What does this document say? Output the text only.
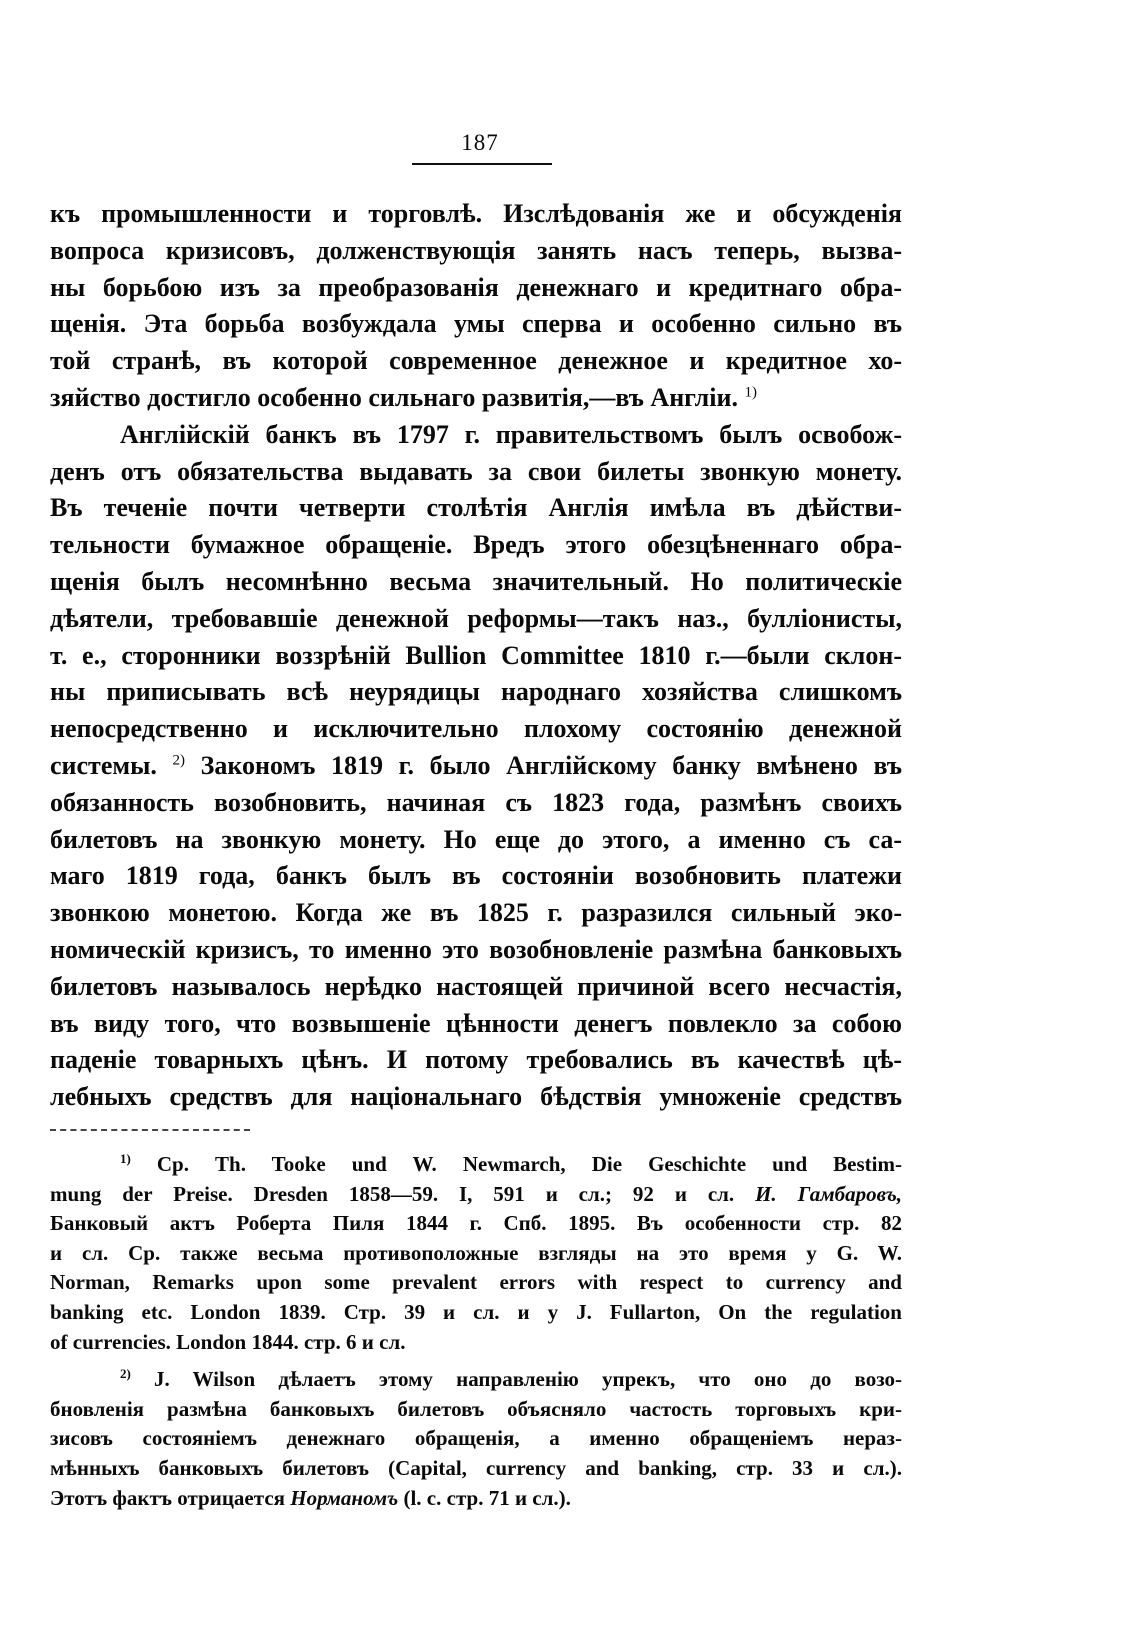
187
къ промышленности и торговлѣ. Изслѣдованія же и обсужденія
вопроса кризисовъ, долженствующія занять насъ теперь, вызва-
ны борьбою изъ за преобразованія денежнаго и кредитнаго обра-
щенія. Эта борьба возбуждала умы сперва и особенно сильно въ
той странѣ, въ которой современное денежное и кредитное хо-
зяйство достигло особенно сильнаго развитія,—въ Англіи. $^{1)}$
Англійскій банкъ въ 1797 г. правительствомъ былъ освобож-
денъ отъ обязательства выдавать за свои билеты звонкую монету.
Въ теченіе почти четверти столѣтія Англія имѣла въ дѣйстви-
тельности бумажное обращеніе. Вредъ этого обезцѣненнаго обра-
щенія былъ несомнѣнно весьма значительный. Но политическіе
дѣятели, требовавшіе денежной реформы—такъ наз., булліонисты,
т. е., сторонники воззрѣній Bullion Committee 1810 г.—были склон-
ны приписывать всѣ неурядицы народнаго хозяйства слишкомъ
непосредственно и исключительно плохому состоянію денежной
системы. $^{2)}$ Закономъ 1819 г. было Англійскому банку вмѣнено въ
обязанность возобновить, начиная съ 1823 года, размѣнъ своихъ
билетовъ на звонкую монету. Но еще до этого, а именно съ са-
маго 1819 года, банкъ былъ въ состояніи возобновить платежи
звонкою монетою. Когда же въ 1825 г. разразился сильный эко-
номическій кризисъ, то именно это возобновленіе размѣна банковыхъ
билетовъ называлось нерѣдко настоящей причиной всего несчастія,
въ виду того, что возвышеніе цѣнности денегъ повлекло за собою
паденіе товарныхъ цѣнъ. И потому требовались въ качествѣ цѣ-
лебныхъ средствъ для національнаго бѣдствія умноженіе средствъ
$^{1)}$ Ср. Th. Tooke und W. Newmarch, Die Geschichte und Bestim-
mung der Preise. Dresden 1858—59. I, 591 и сл.; 92 и сл. И. Гамбаровъ,
Банковый актъ Роберта Пиля 1844 г. Спб. 1895. Въ особенности стр. 82
и сл. Ср. также весьма противоположные взгляды на это время у G. W.
Norman, Remarks upon some prevalent errors with respect to currency and
banking etc. London 1839. Стр. 39 и сл. и у J. Fullarton, On the regulation
of currencies. London 1844. стр. 6 и сл.
$^{2)}$ J. Wilson дѣлаетъ этому направленію упрекъ, что оно до возо-
бновленія размѣна банковыхъ билетовъ объясняло частость торговыхъ кри-
зисовъ состояніемъ денежнаго обращенія, а именно обращеніемъ нераз-
мѣнныхъ банковыхъ билетовъ (Capital, currency and banking, стр. 33 и сл.).
Этотъ фактъ отрицается Норманомъ (l. c. стр. 71 и сл.).
